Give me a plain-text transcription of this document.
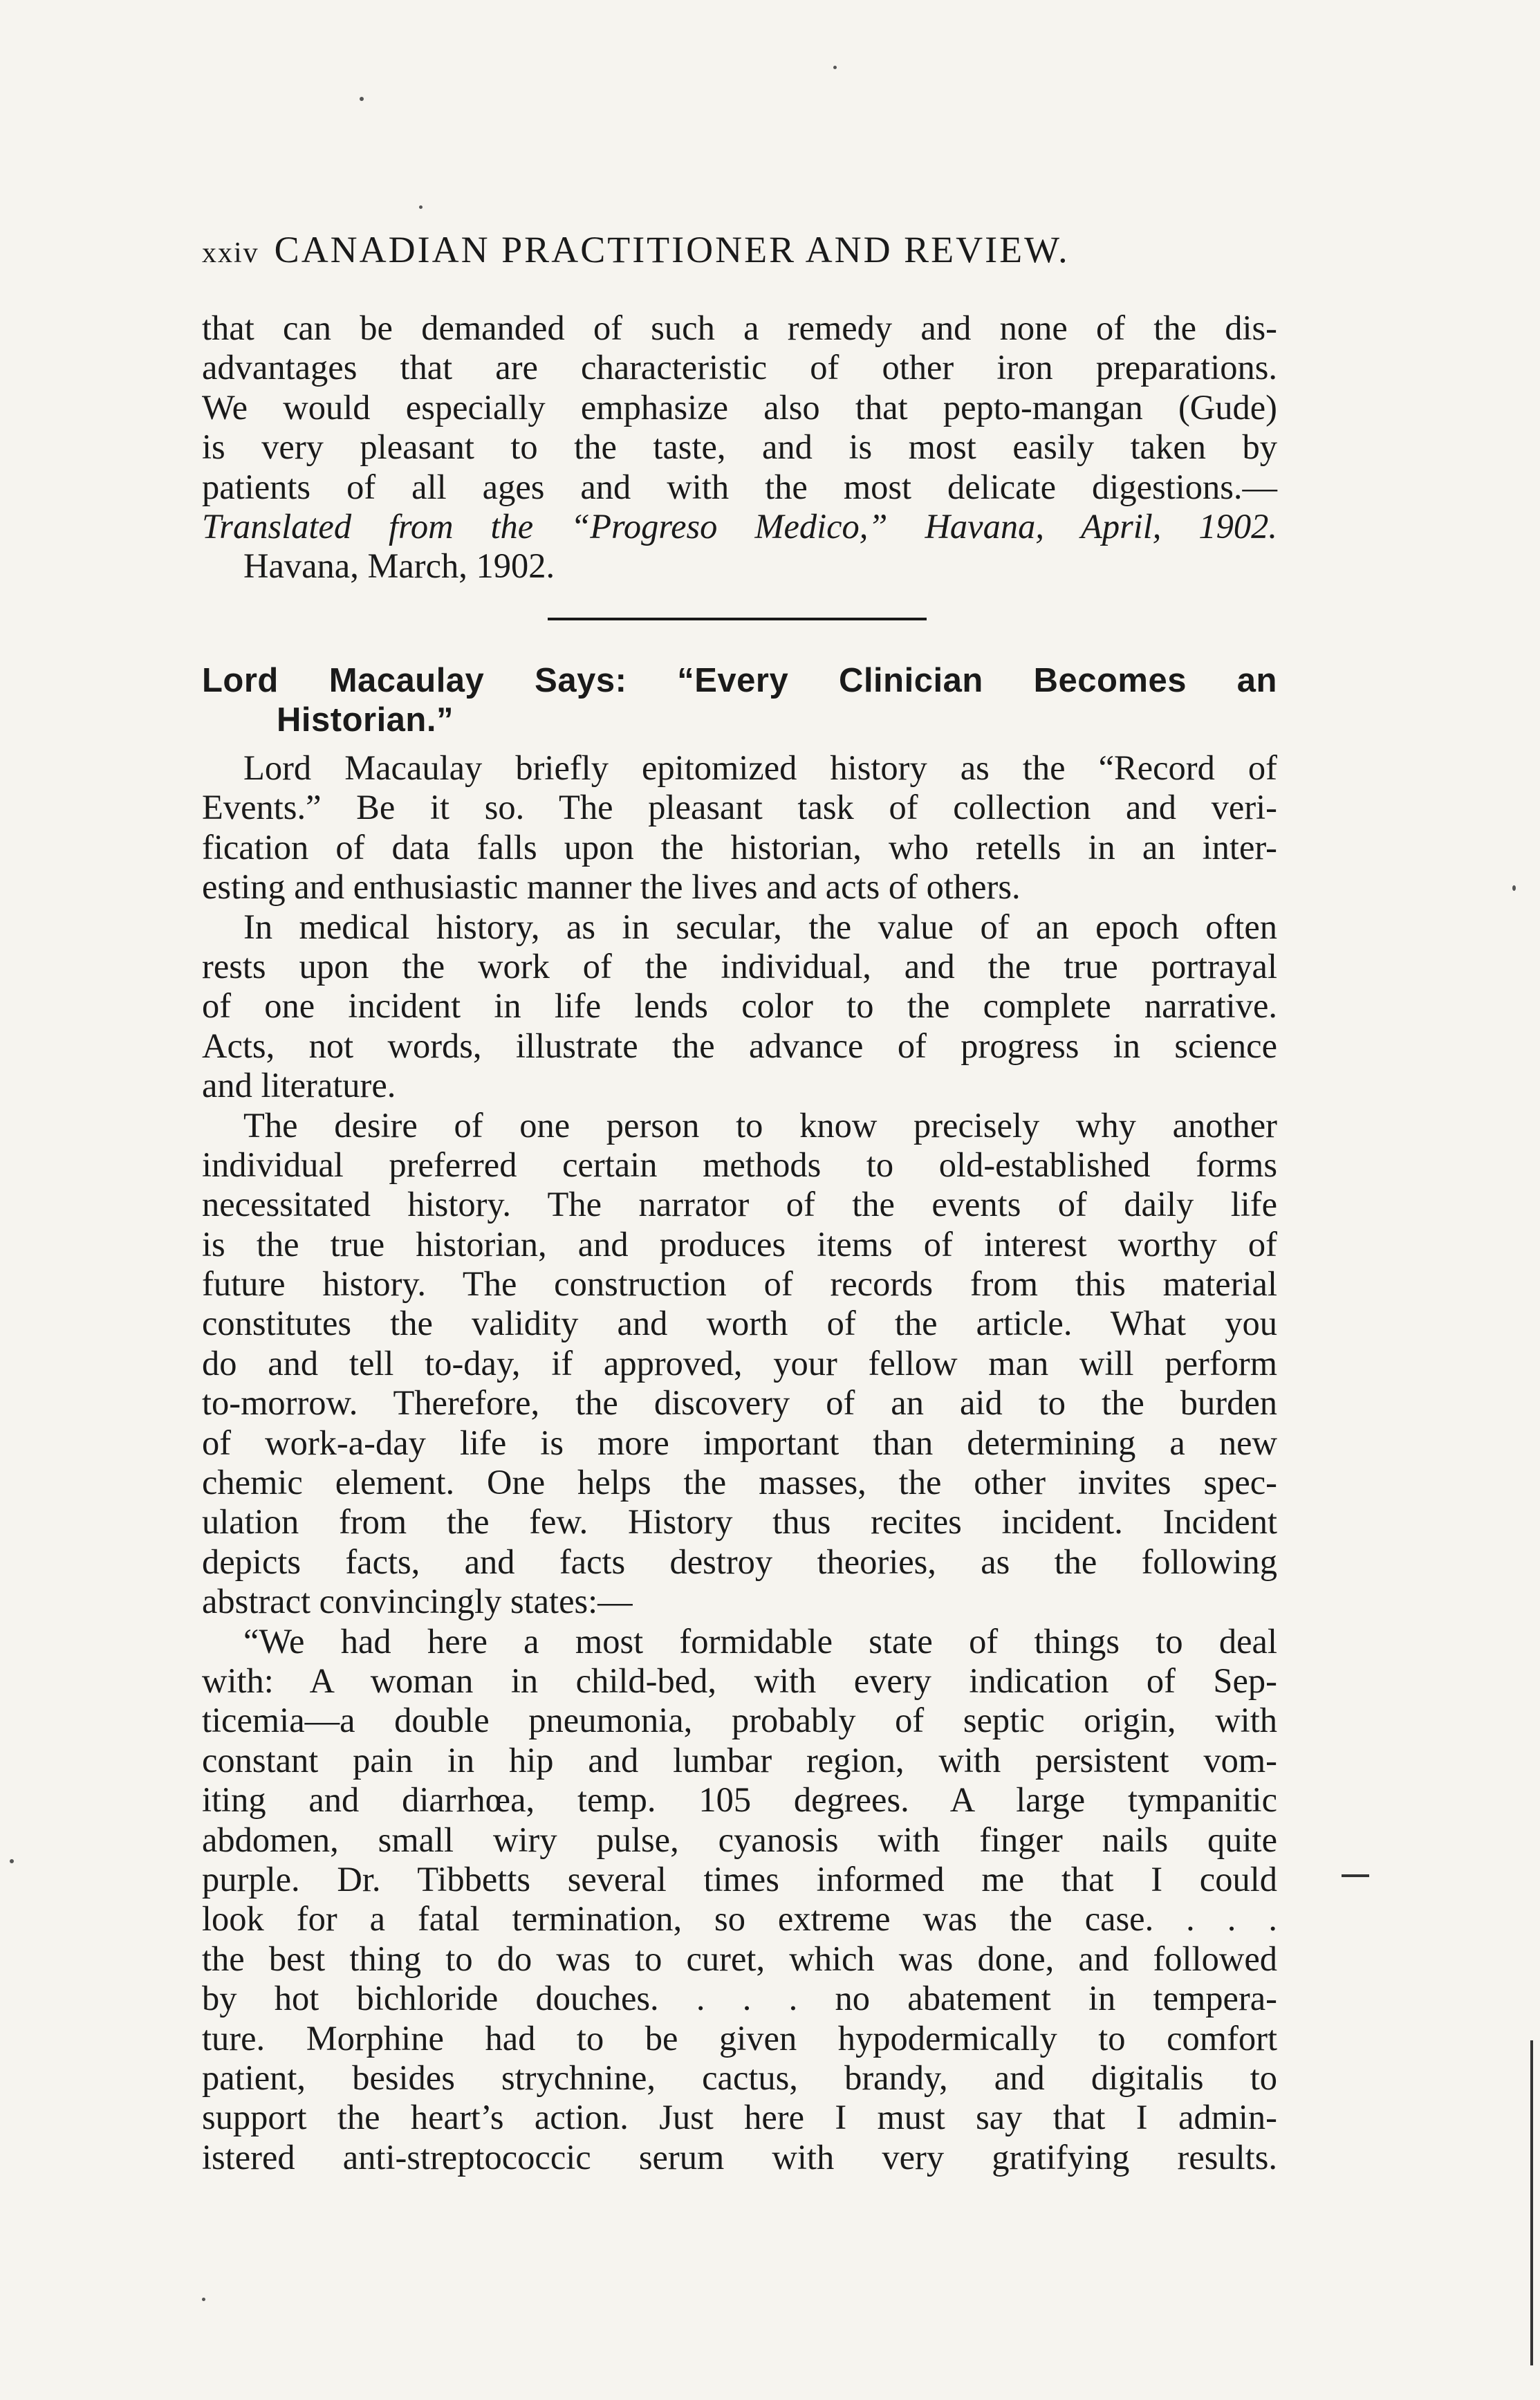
xxiv CANADIAN PRACTITIONER AND REVIEW.
that can be demanded of such a remedy and none of the dis-
advantages that are characteristic of other iron preparations.
We would especially emphasize also that pepto-mangan (Gude)
is very pleasant to the taste, and is most easily taken by
patients of all ages and with the most delicate digestions.—
Translated from the “Progreso Medico,” Havana, April, 1902.
Havana, March, 1902.
Lord Macaulay Says: “Every Clinician Becomes an
Historian.”
Lord Macaulay briefly epitomized history as the “Record of
Events.” Be it so. The pleasant task of collection and veri-
fication of data falls upon the historian, who retells in an inter-
esting and enthusiastic manner the lives and acts of others.
In medical history, as in secular, the value of an epoch often
rests upon the work of the individual, and the true portrayal
of one incident in life lends color to the complete narrative.
Acts, not words, illustrate the advance of progress in science
and literature.
The desire of one person to know precisely why another
individual preferred certain methods to old-established forms
necessitated history. The narrator of the events of daily life
is the true historian, and produces items of interest worthy of
future history. The construction of records from this material
constitutes the validity and worth of the article. What you
do and tell to-day, if approved, your fellow man will perform
to-morrow. Therefore, the discovery of an aid to the burden
of work-a-day life is more important than determining a new
chemic element. One helps the masses, the other invites spec-
ulation from the few. History thus recites incident. Incident
depicts facts, and facts destroy theories, as the following
abstract convincingly states:—
“We had here a most formidable state of things to deal
with: A woman in child-bed, with every indication of Sep-
ticemia—a double pneumonia, probably of septic origin, with
constant pain in hip and lumbar region, with persistent vom-
iting and diarrhœa, temp. 105 degrees. A large tympanitic
abdomen, small wiry pulse, cyanosis with finger nails quite
purple. Dr. Tibbetts several times informed me that I could
look for a fatal termination, so extreme was the case. . . .
the best thing to do was to curet, which was done, and followed
by hot bichloride douches. . . . no abatement in tempera-
ture. Morphine had to be given hypodermically to comfort
patient, besides strychnine, cactus, brandy, and digitalis to
support the heart’s action. Just here I must say that I admin-
istered anti-streptococcic serum with very gratifying results.
